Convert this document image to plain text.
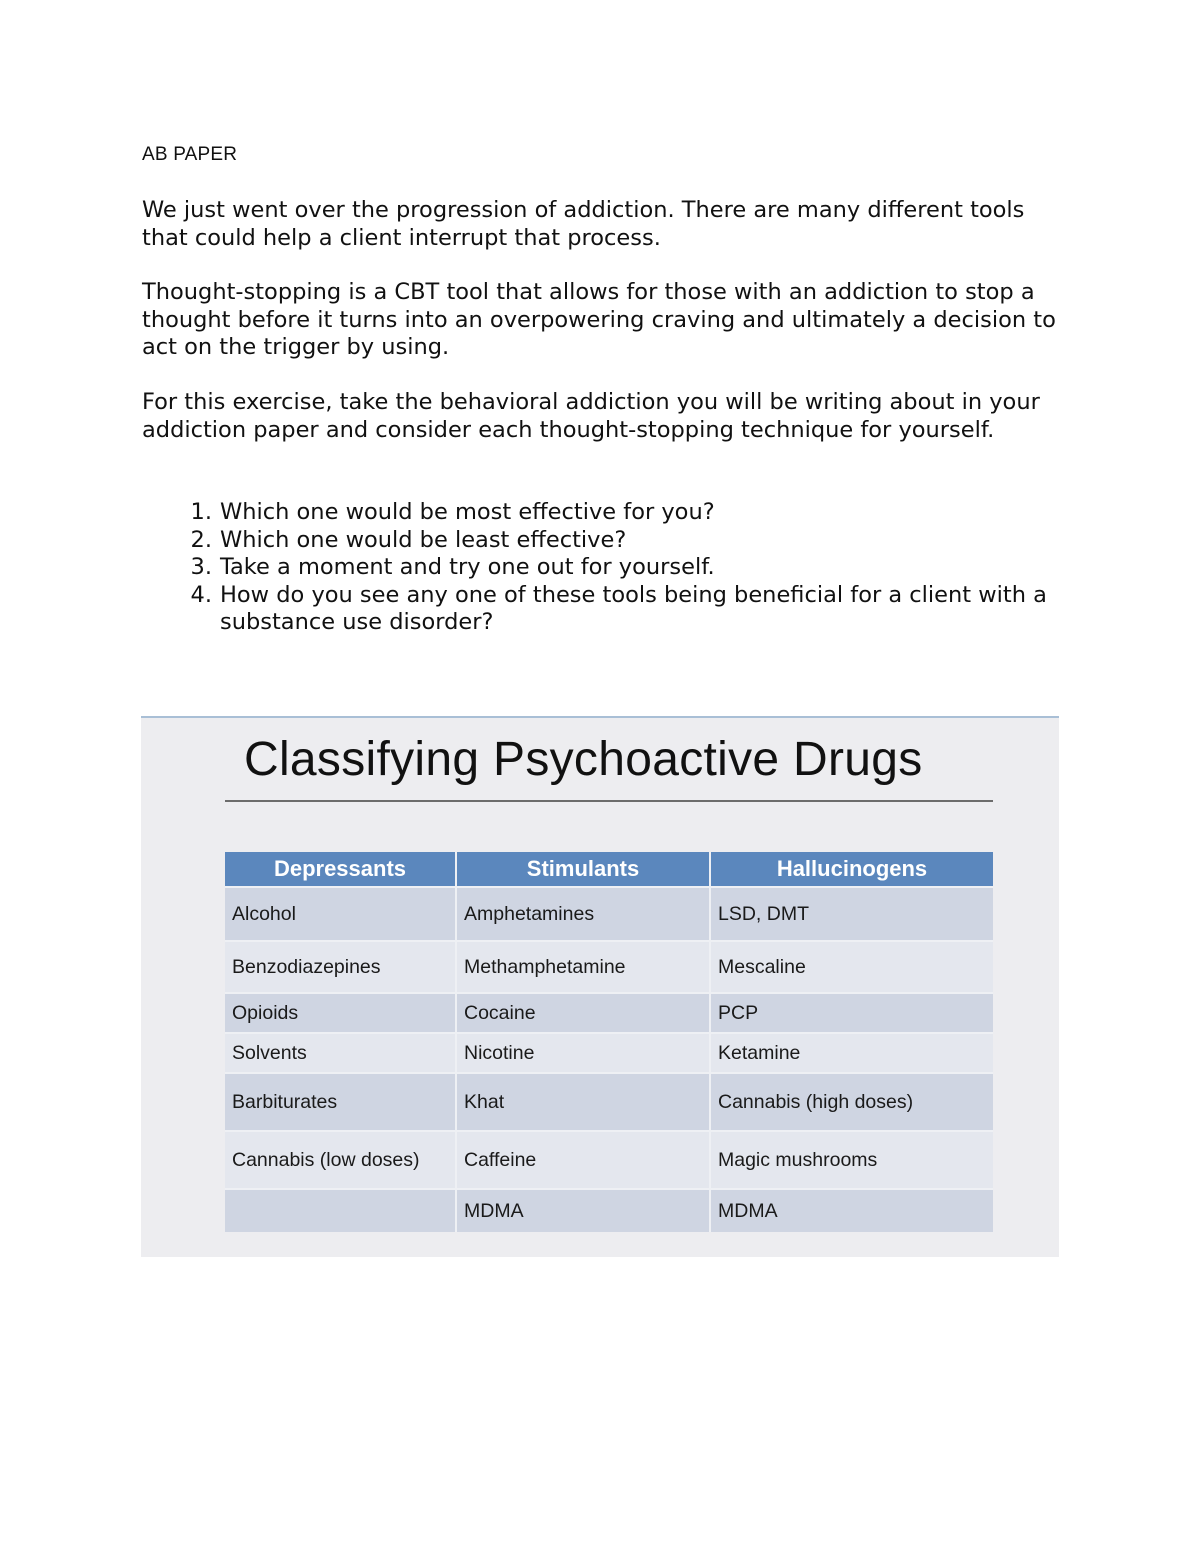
AB PAPER

We just went over the progression of addiction. There are many different tools that could help a client interrupt that process.

Thought-stopping is a CBT tool that allows for those with an addiction to stop a thought before it turns into an overpowering craving and ultimately a decision to act on the trigger by using.

For this exercise, take the behavioral addiction you will be writing about in your addiction paper and consider each thought-stopping technique for yourself.

1. Which one would be most effective for you?
2. Which one would be least effective?
3. Take a moment and try one out for yourself.
4. How do you see any one of these tools being beneficial for a client with a substance use disorder?
Classifying Psychoactive Drugs
Depressants	Stimulants	Hallucinogens
Alcohol	Amphetamines	LSD, DMT
Benzodiazepines	Methamphetamine	Mescaline
Opioids	Cocaine	PCP
Solvents	Nicotine	Ketamine
Barbiturates	Khat	Cannabis (high doses)
Cannabis (low doses)	Caffeine	Magic mushrooms
	MDMA	MDMA
